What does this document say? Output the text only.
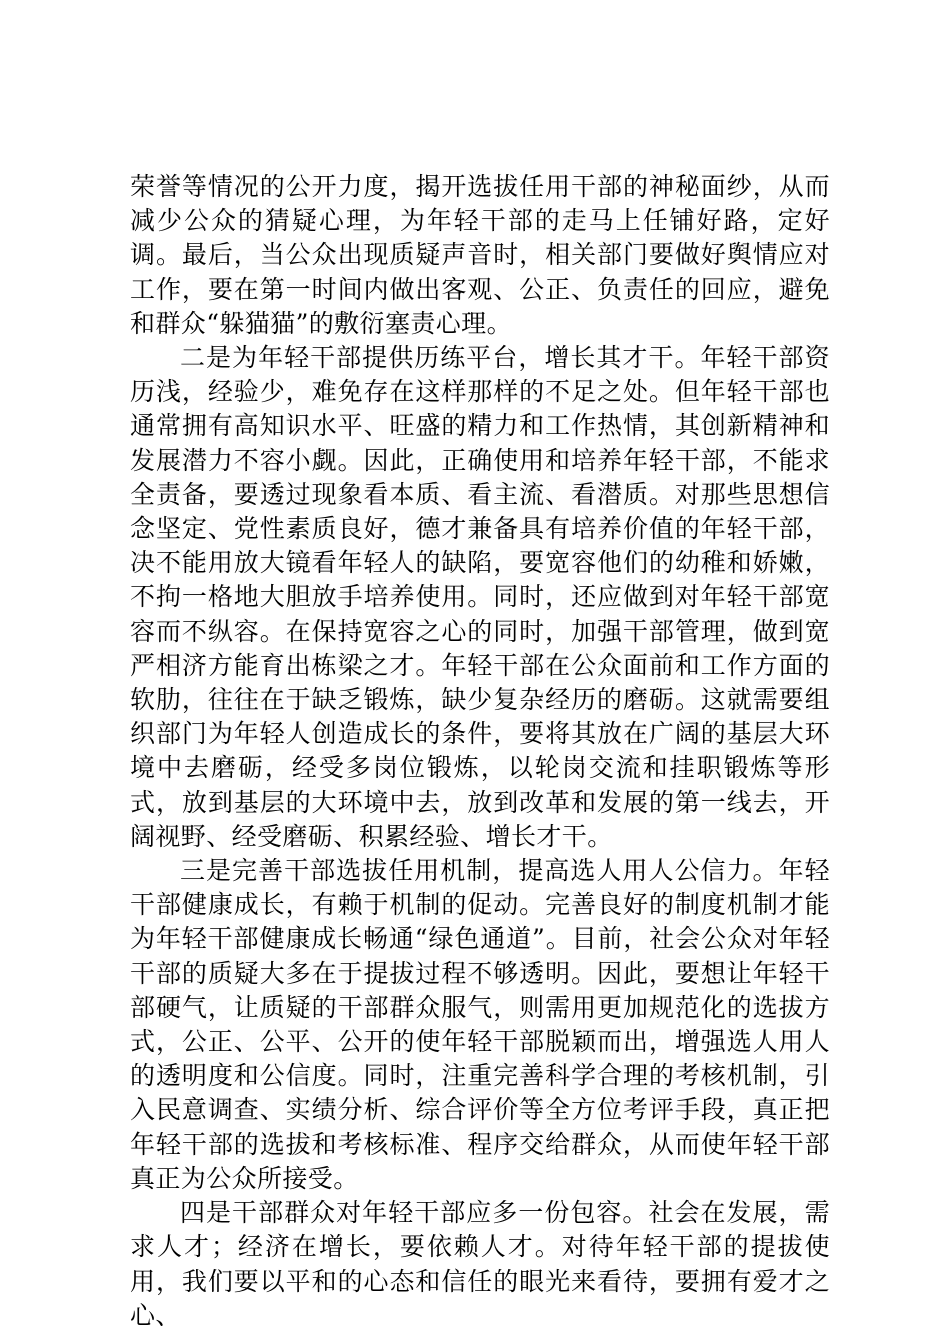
荣誉等情况的公开力度，揭开选拔任用干部的神秘面纱，从而减少公众的猜疑心理，为年轻干部的走马上任铺好路，定好调。最后，当公众出现质疑声音时，相关部门要做好舆情应对工作，要在第一时间内做出客观、公正、负责任的回应，避免和群众“躲猫猫”的敷衍塞责心理。

二是为年轻干部提供历练平台，增长其才干。年轻干部资历浅，经验少，难免存在这样那样的不足之处。但年轻干部也通常拥有高知识水平、旺盛的精力和工作热情，其创新精神和发展潜力不容小觑。因此，正确使用和培养年轻干部，不能求全责备，要透过现象看本质、看主流、看潜质。对那些思想信念坚定、党性素质良好，德才兼备具有培养价值的年轻干部，决不能用放大镜看年轻人的缺陷，要宽容他们的幼稚和娇嫩，不拘一格地大胆放手培养使用。同时，还应做到对年轻干部宽容而不纵容。在保持宽容之心的同时，加强干部管理，做到宽严相济方能育出栋梁之才。年轻干部在公众面前和工作方面的软肋，往往在于缺乏锻炼，缺少复杂经历的磨砺。这就需要组织部门为年轻人创造成长的条件，要将其放在广阔的基层大环境中去磨砺，经受多岗位锻炼，以轮岗交流和挂职锻炼等形式，放到基层的大环境中去，放到改革和发展的第一线去，开阔视野、经受磨砺、积累经验、增长才干。

三是完善干部选拔任用机制，提高选人用人公信力。年轻干部健康成长，有赖于机制的促动。完善良好的制度机制才能为年轻干部健康成长畅通“绿色通道”。目前，社会公众对年轻干部的质疑大多在于提拔过程不够透明。因此，要想让年轻干部硬气，让质疑的干部群众服气，则需用更加规范化的选拔方式，公正、公平、公开的使年轻干部脱颖而出，增强选人用人的透明度和公信度。同时，注重完善科学合理的考核机制，引入民意调查、实绩分析、综合评价等全方位考评手段，真正把年轻干部的选拔和考核标准、程序交给群众，从而使年轻干部真正为公众所接受。

四是干部群众对年轻干部应多一份包容。社会在发展，需求人才；经济在增长，要依赖人才。对待年轻干部的提拔使用，我们要以平和的心态和信任的眼光来看待，要拥有爱才之心、
